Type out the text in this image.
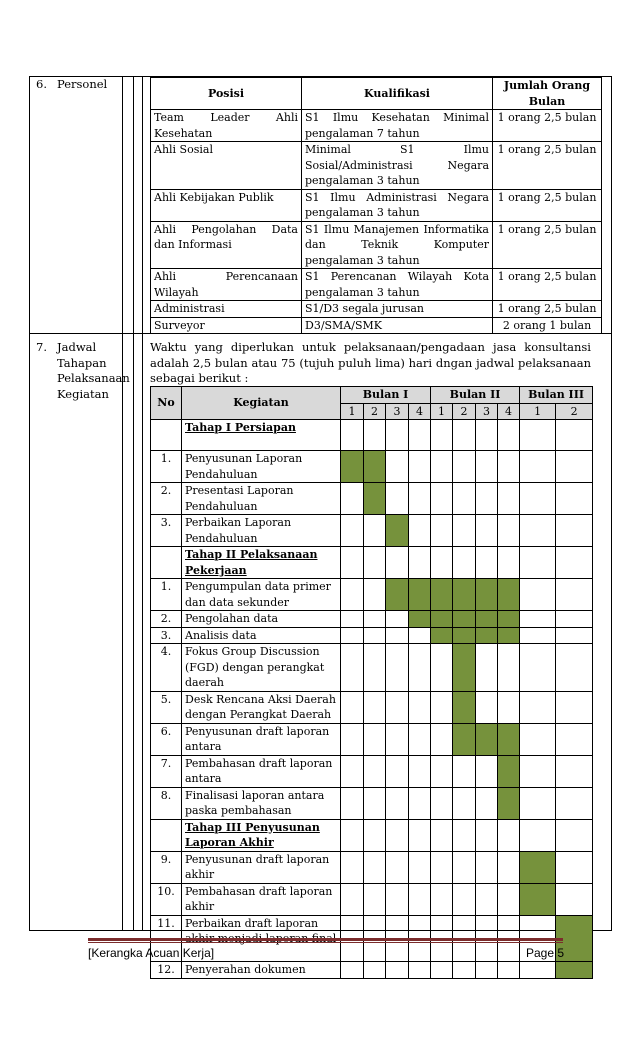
6. Personel
Posisi	Kualifikasi	Jumlah Orang Bulan
Team Leader Ahli Kesehatan	S1 Ilmu Kesehatan Minimal pengalaman 7 tahun	1 orang 2,5 bulan
Ahli Sosial	Minimal S1 Ilmu Sosial/Administrasi Negara pengalaman 3 tahun	1 orang 2,5 bulan
Ahli Kebijakan Publik	S1 Ilmu Administrasi Negara pengalaman 3 tahun	1 orang 2,5 bulan
Ahli Pengolahan Data dan Informasi	S1 Ilmu Manajemen Informatika dan Teknik Komputer pengalaman 3 tahun	1 orang 2,5 bulan
Ahli Perencanaan Wilayah	S1 Perencanan Wilayah Kota pengalaman 3 tahun	1 orang 2,5 bulan
Administrasi	S1/D3 segala jurusan	1 orang 2,5 bulan
Surveyor	D3/SMA/SMK	2 orang 1 bulan
7. Jadwal Tahapan Pelaksanaan Kegiatan
Waktu yang diperlukan untuk pelaksanaan/pengadaan jasa konsultansi adalah 2,5 bulan atau 75 (tujuh puluh lima) hari dngan jadwal pelaksanaan sebagai berikut :
No	Kegiatan	Bulan I				Bulan II				Bulan III	
		1	2	3	4	1	2	3	4	1	2
	Tahap I Persiapan										
1.	Penyusunan Laporan Pendahuluan										
2.	Presentasi Laporan Pendahuluan										
3.	Perbaikan Laporan Pendahuluan										
	Tahap II Pelaksanaan Pekerjaan										
1.	Pengumpulan data primer dan data sekunder										
2.	Pengolahan data										
3.	Analisis data										
4.	Fokus Group Discussion (FGD) dengan perangkat daerah										
5.	Desk Rencana Aksi Daerah dengan Perangkat Daerah										
6.	Penyusunan draft laporan antara										
7.	Pembahasan draft laporan antara										
8.	Finalisasi laporan antara paska pembahasan										
	Tahap III Penyusunan Laporan Akhir										
9.	Penyusunan draft laporan akhir										
10.	Pembahasan draft laporan akhir										
11.	Perbaikan draft laporan										
12.	Penyerahan dokumen										
[Kerangka Acuan Kerja]	Page 5
